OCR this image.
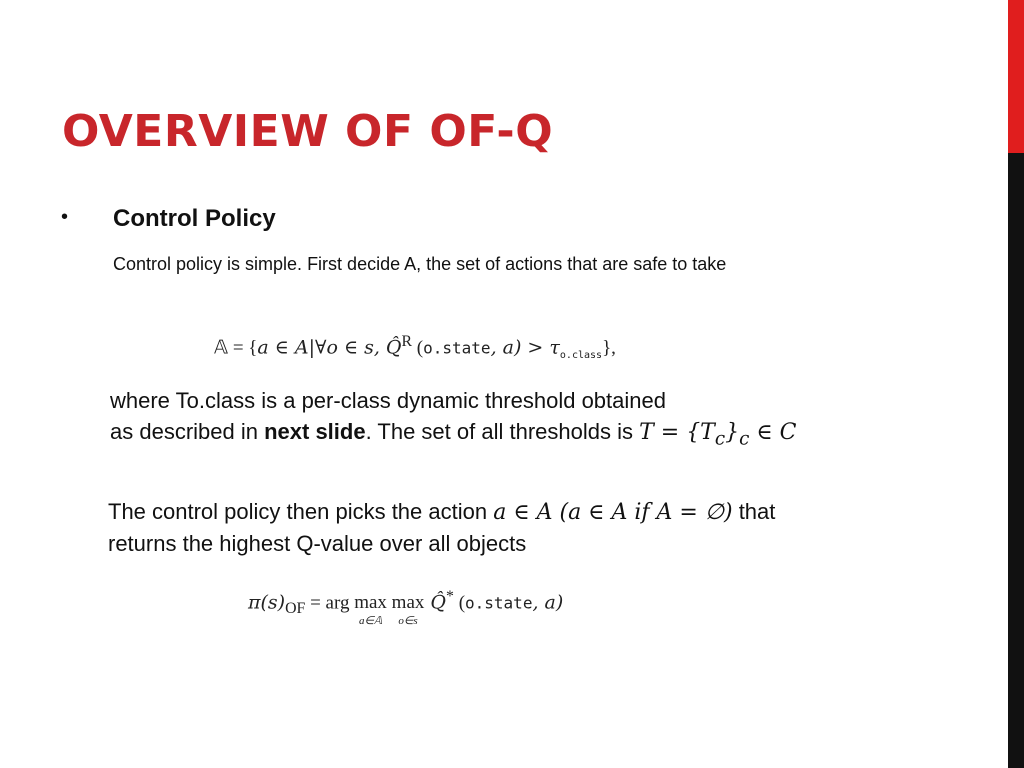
OVERVIEW OF OF-Q
• Control Policy
Control policy is simple. First decide A, the set of actions that are safe to take
𝔸 = {a ∈ A|∀o ∈ s, Q̂$^R$ (o.state, $a) > \tau_{o.class}$},
where To.class is a per-class dynamic threshold obtained
as described in next slide. The set of all thresholds is $T = \{T_c\}_c$ ∈ C
The control policy then picks the action a ∈ A (a ∈ A if A = ∅) that
returns the highest Q-value over all objects
$\pi(s)_{OF}$ = arg max
a∈𝔸
max
o∈s
Q̂* (o.state, a)
